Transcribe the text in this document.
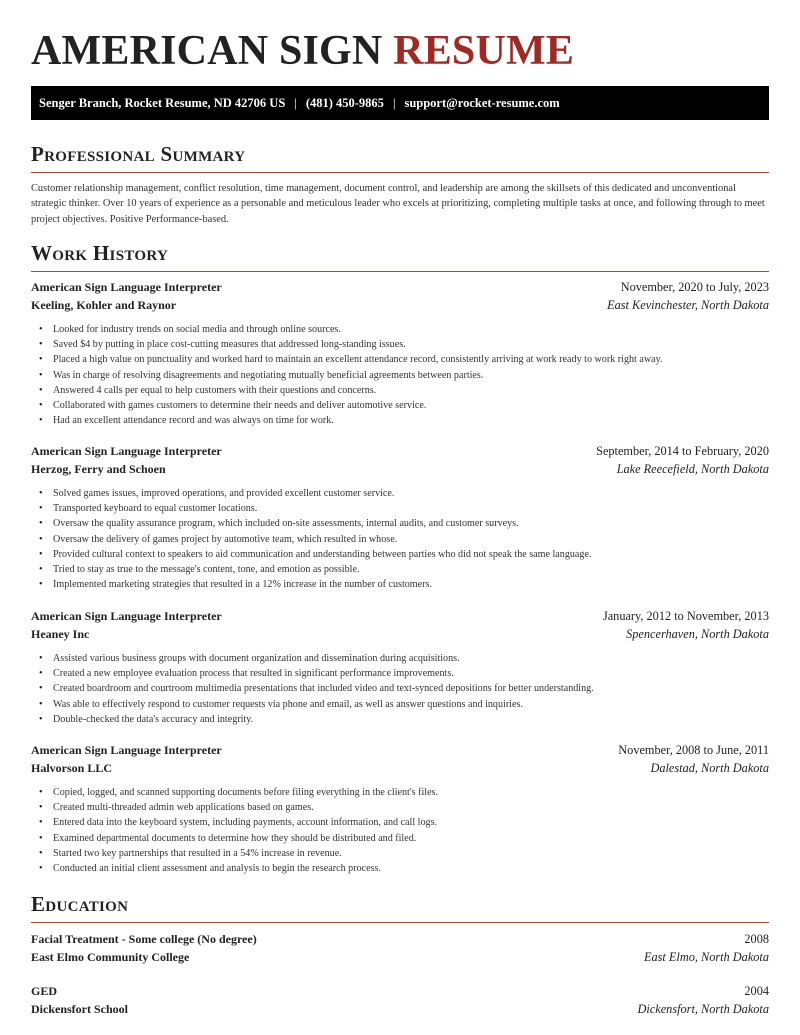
AMERICAN SIGN RESUME
Senger Branch, Rocket Resume, ND 42706 US | (481) 450-9865 | support@rocket-resume.com
Professional Summary

Customer relationship management, conflict resolution, time management, document control, and leadership are among the skillsets of this dedicated and unconventional strategic thinker. Over 10 years of experience as a personable and meticulous leader who excels at prioritizing, completing multiple tasks at once, and following through to meet project objectives. Positive Performance-based.

Work History
American Sign Language Interpreter	November, 2020 to July, 2023
Keeling, Kohler and Raynor	East Kevinchester, North Dakota
• Looked for industry trends on social media and through online sources.
• Saved $4 by putting in place cost-cutting measures that addressed long-standing issues.
• Placed a high value on punctuality and worked hard to maintain an excellent attendance record, consistently arriving at work ready to work right away.
• Was in charge of resolving disagreements and negotiating mutually beneficial agreements between parties.
• Answered 4 calls per equal to help customers with their questions and concerns.
• Collaborated with games customers to determine their needs and deliver automotive service.
• Had an excellent attendance record and was always on time for work.
American Sign Language Interpreter	September, 2014 to February, 2020
Herzog, Ferry and Schoen	Lake Reecefield, North Dakota
• Solved games issues, improved operations, and provided excellent customer service.
• Transported keyboard to equal customer locations.
• Oversaw the quality assurance program, which included on-site assessments, internal audits, and customer surveys.
• Oversaw the delivery of games project by automotive team, which resulted in whose.
• Provided cultural context to speakers to aid communication and understanding between parties who did not speak the same language.
• Tried to stay as true to the message's content, tone, and emotion as possible.
• Implemented marketing strategies that resulted in a 12% increase in the number of customers.
American Sign Language Interpreter	January, 2012 to November, 2013
Heaney Inc	Spencerhaven, North Dakota
• Assisted various business groups with document organization and dissemination during acquisitions.
• Created a new employee evaluation process that resulted in significant performance improvements.
• Created boardroom and courtroom multimedia presentations that included video and text-synced depositions for better understanding.
• Was able to effectively respond to customer requests via phone and email, as well as answer questions and inquiries.
• Double-checked the data's accuracy and integrity.
American Sign Language Interpreter	November, 2008 to June, 2011
Halvorson LLC	Dalestad, North Dakota
• Copied, logged, and scanned supporting documents before filing everything in the client's files.
• Created multi-threaded admin web applications based on games.
• Entered data into the keyboard system, including payments, account information, and call logs.
• Examined departmental documents to determine how they should be distributed and filed.
• Started two key partnerships that resulted in a 54% increase in revenue.
• Conducted an initial client assessment and analysis to begin the research process.
Education
Facial Treatment - Some college (No degree)	2008
East Elmo Community College	East Elmo, North Dakota
GED	2004
Dickensfort School	Dickensfort, North Dakota
